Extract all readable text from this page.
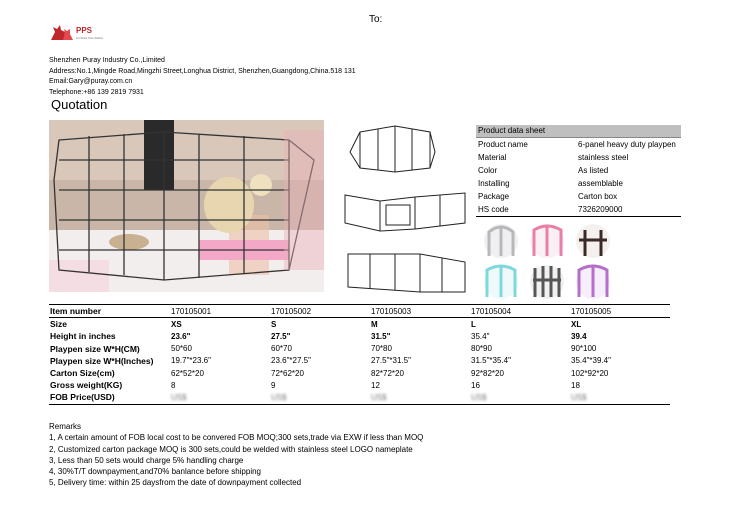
To:
PPS
For Better Pets Welfare
Shenzhen Puray Industry Co.,Limited
Address:No.1,Mingde Road,Mingzhi Street,Longhua District, Shenzhen,Guangdong,China.518 131
Email:Gary@puray.com.cn
Telephone:+86 139 2819 7931
Quotation
Product data sheet
Product name	6-panel heavy duty playpen
Material	stainless steel
Color	As listed
Installing	assemblable
Package	Carton box
HS code	7326209000
Item number	170105001	170105002	170105003	170105004	170105005
Size	XS	S	M	L	XL
Height in inches	23.6"	27.5"	31.5"	35.4"	39.4
Playpen size W*H(CM)	50*60	60*70	70*80	80*90	90*100
Playpen size W*H(Inches)	19.7"*23.6"	23.6"*27.5"	27.5"*31.5"	31.5"*35.4"	35.4"*39.4"
Carton Size(cm)	62*52*20	72*62*20	82*72*20	92*82*20	102*92*20
Gross weight(KG)	8	9	12	16	18
FOB Price(USD)	US$	US$	US$	US$	US$
Remarks
1, A certain amount of FOB local cost to be convered FOB MOQ;300 sets,trade via EXW if less than MOQ
2, Customized carton package MOQ is 300 sets,could be welded with stainless steel LOGO nameplate
3, Less than 50 sets would charge 5% handling charge
4, 30%T/T downpayment,and70% banlance before shipping
5, Delivery time: within 25 daysfrom the date of downpayment collected
